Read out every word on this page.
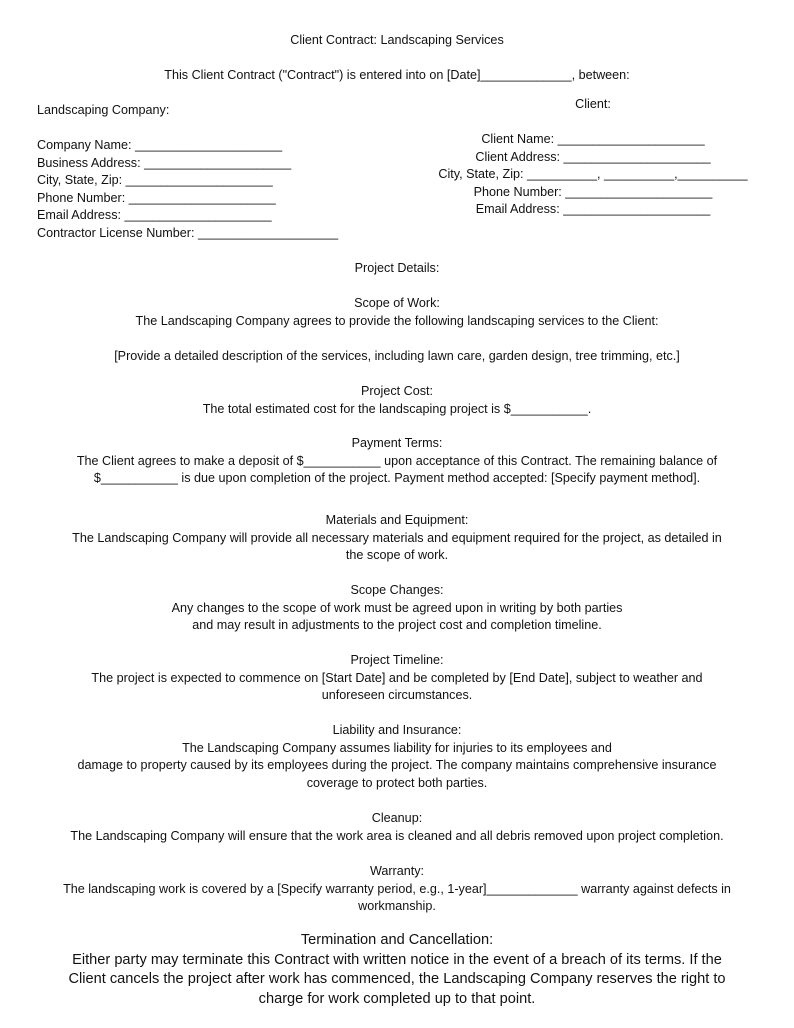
Client Contract: Landscaping Services
This Client Contract ("Contract") is entered into on [Date]_____________, between:
Landscaping Company:
Company Name: _____________________
Business Address: _____________________
City, State, Zip: _____________________
Phone Number: _____________________
Email Address: _____________________
Contractor License Number: ____________________
Client:
Client Name: _____________________
Client Address: _____________________
City, State, Zip: __________, __________,__________
Phone Number: _____________________
Email Address: _____________________
Project Details:
Scope of Work:
The Landscaping Company agrees to provide the following landscaping services to the Client:

[Provide a detailed description of the services, including lawn care, garden design, tree trimming, etc.]
Project Cost:
The total estimated cost for the landscaping project is $___________.
Payment Terms:
The Client agrees to make a deposit of $___________ upon acceptance of this Contract. The remaining balance of
$___________ is due upon completion of the project. Payment method accepted: [Specify payment method].
Materials and Equipment:
The Landscaping Company will provide all necessary materials and equipment required for the project, as detailed in
the scope of work.
Scope Changes:
Any changes to the scope of work must be agreed upon in writing by both parties
and may result in adjustments to the project cost and completion timeline.
Project Timeline:
The project is expected to commence on [Start Date] and be completed by [End Date], subject to weather and
unforeseen circumstances.
Liability and Insurance:
The Landscaping Company assumes liability for injuries to its employees and
damage to property caused by its employees during the project. The company maintains comprehensive insurance
coverage to protect both parties.
Cleanup:
The Landscaping Company will ensure that the work area is cleaned and all debris removed upon project completion.
Warranty:
The landscaping work is covered by a [Specify warranty period, e.g., 1-year]_____________ warranty against defects in
workmanship.
Termination and Cancellation:
Either party may terminate this Contract with written notice in the event of a breach of its terms. If the
Client cancels the project after work has commenced, the Landscaping Company reserves the right to
charge for work completed up to that point.
